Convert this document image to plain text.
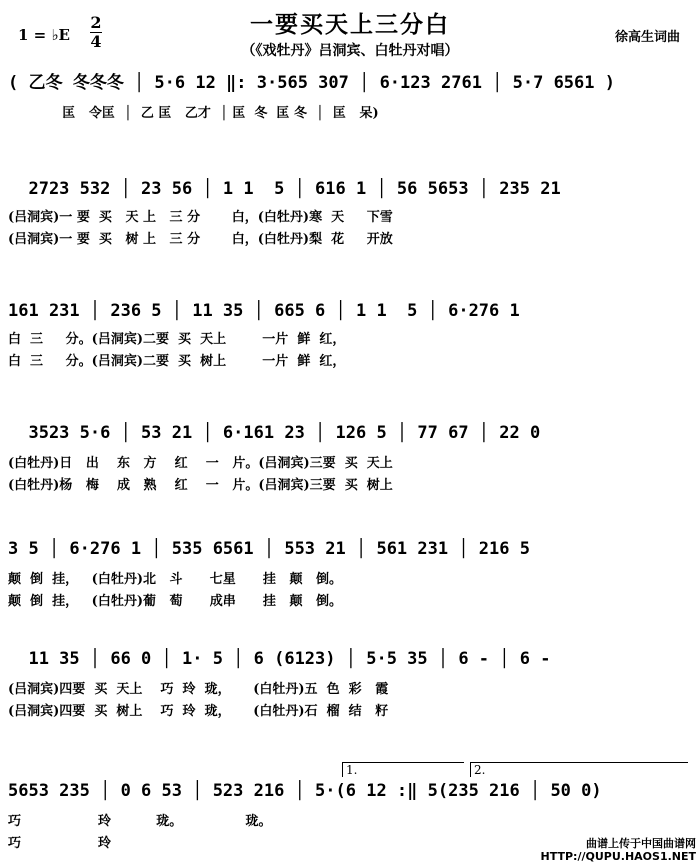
1 = ♭E
2
4
一要买天上三分白
（《戏牡丹》吕洞宾、白牡丹对唱）
徐高生词曲
( 乙冬 冬冬冬 │ 5·6 12 ‖: 3·565 307 │ 6·123 2761 │ 5·7 6561 )
匡   令匡  │  乙 匡   乙才  │ 匡  冬  匡 冬  │  匡   呆)
2723 532 │ 23 56 │ 1 1  5 │ 616 1 │ 56 5653 │ 235 21
(吕洞宾)一 要  买   天 上   三 分       白，(白牡丹)寒  天     下雪
(吕洞宾)一 要  买   树 上   三 分       白，(白牡丹)梨  花     开放
161 231 │ 236 5 │ 11 35 │ 665 6 │ 1 1  5 │ 6·276 1
白  三     分。(吕洞宾)二要  买  天上        一片  鲜  红，
白  三     分。(吕洞宾)二要  买  树上        一片  鲜  红，
3523 5·6 │ 53 21 │ 6·161 23 │ 126 5 │ 77 67 │ 22 0
(白牡丹)日   出    东   方    红    一   片。(吕洞宾)三要  买  天上
(白牡丹)杨   梅    成   熟    红    一   片。(吕洞宾)三要  买  树上
3 5 │ 6·276 1 │ 535 6561 │ 553 21 │ 561 231 │ 216 5
颠  倒  挂，   (白牡丹)北   斗      七星      挂   颠   倒。
颠  倒  挂，   (白牡丹)葡   萄      成串      挂   颠   倒。
11 35 │ 66 0 │ 1· 5 │ 6 (6123) │ 5·5 35 │ 6 - │ 6 -
(吕洞宾)四要  买  天上    巧  玲  珑，     (白牡丹)五  色  彩   霞
(吕洞宾)四要  买  树上    巧  玲  珑，     (白牡丹)石  榴  结   籽
1.	2.
5653 235 │ 0 6 53 │ 523 216 │ 5·(6 12 :‖ 5(235 216 │ 50 0)
巧                 玲          珑。              珑。
巧                 玲	曲谱上传于中国曲谱网
HTTP://QUPU.HAOS1.NET
